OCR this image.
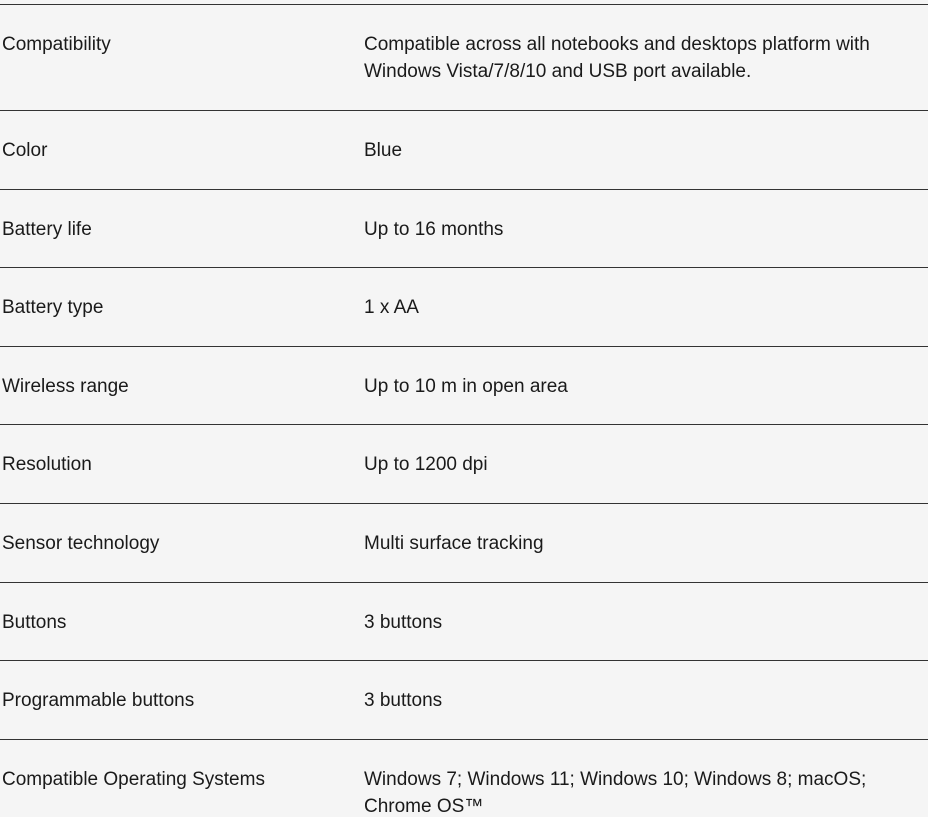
Compatibility	Compatible across all notebooks and desktops platform with Windows Vista/7/8/10 and USB port available.
Color	Blue
Battery life	Up to 16 months
Battery type	1 x AA
Wireless range	Up to 10 m in open area
Resolution	Up to 1200 dpi
Sensor technology	Multi surface tracking
Buttons	3 buttons
Programmable buttons	3 buttons
Compatible Operating Systems	Windows 7; Windows 11; Windows 10; Windows 8; macOS; Chrome OS™
